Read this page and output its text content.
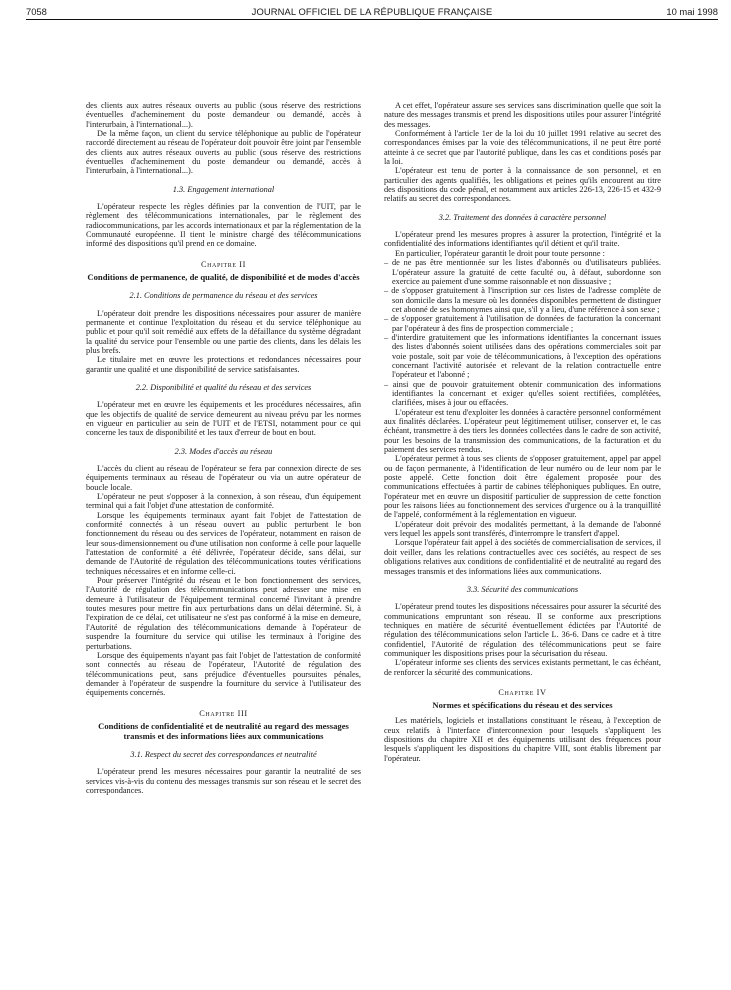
7058	JOURNAL OFFICIEL DE LA RÉPUBLIQUE FRANÇAISE	10 mai 1998

des clients aux autres réseaux ouverts au public (sous réserve des restrictions éventuelles d'acheminement du poste demandeur ou demandé, accès à l'interurbain, à l'international...).

De la même façon, un client du service téléphonique au public de l'opérateur raccordé directement au réseau de l'opérateur doit pouvoir être joint par l'ensemble des clients aux autres réseaux ouverts au public (sous réserve des restrictions éventuelles d'acheminement du poste demandeur ou demandé, accès à l'interurbain, à l'international...).

1.3. Engagement international

L'opérateur respecte les règles définies par la convention de l'UIT, par le règlement des télécommunications internationales, par le règlement des radiocommunications, par les accords internationaux et par la réglementation de la Communauté européenne. Il tient le ministre chargé des télécommunications informé des dispositions qu'il prend en ce domaine.

Chapitre II
Conditions de permanence, de qualité, de disponibilité et de modes d'accès
2.1. Conditions de permanence du réseau et des services

L'opérateur doit prendre les dispositions nécessaires pour assurer de manière permanente et continue l'exploitation du réseau et du service téléphonique au public et pour qu'il soit remédié aux effets de la défaillance du système dégradant la qualité du service pour l'ensemble ou une partie des clients, dans les délais les plus brefs.

Le titulaire met en œuvre les protections et redondances nécessaires pour garantir une qualité et une disponibilité de service satisfaisantes.

2.2. Disponibilité et qualité du réseau et des services

L'opérateur met en œuvre les équipements et les procédures nécessaires, afin que les objectifs de qualité de service demeurent au niveau prévu par les normes en vigueur en particulier au sein de l'UIT et de l'ETSI, notamment pour ce qui concerne les taux de disponibilité et les taux d'erreur de bout en bout.

2.3. Modes d'accès au réseau

L'accès du client au réseau de l'opérateur se fera par connexion directe de ses équipements terminaux au réseau de l'opérateur ou via un autre opérateur de boucle locale.

L'opérateur ne peut s'opposer à la connexion, à son réseau, d'un équipement terminal qui a fait l'objet d'une attestation de conformité.

Lorsque les équipements terminaux ayant fait l'objet de l'attestation de conformité connectés à un réseau ouvert au public perturbent le bon fonctionnement du réseau ou des services de l'opérateur, notamment en raison de leur sous-dimensionnement ou d'une utilisation non conforme à celle pour laquelle l'attestation de conformité a été délivrée, l'opérateur décide, sans délai, sur demande de l'Autorité de régulation des télécommunications toutes vérifications techniques nécessaires et en informe celle-ci.

Pour préserver l'intégrité du réseau et le bon fonctionnement des services, l'Autorité de régulation des télécommunications peut adresser une mise en demeure à l'utilisateur de l'équipement terminal concerné l'invitant à prendre toutes mesures pour mettre fin aux perturbations dans un délai déterminé. Si, à l'expiration de ce délai, cet utilisateur ne s'est pas conformé à la mise en demeure, l'Autorité de régulation des télécommunications demande à l'opérateur de suspendre la fourniture du service qui utilise les terminaux à l'origine des perturbations.

Lorsque des équipements n'ayant pas fait l'objet de l'attestation de conformité sont connectés au réseau de l'opérateur, l'Autorité de régulation des télécommunications peut, sans préjudice d'éventuelles poursuites pénales, demander à l'opérateur de suspendre la fourniture du service à l'utilisateur des équipements concernés.

Chapitre III
Conditions de confidentialité et de neutralité au regard des messages transmis et des informations liées aux communications
3.1. Respect du secret des correspondances et neutralité

L'opérateur prend les mesures nécessaires pour garantir la neutralité de ses services vis-à-vis du contenu des messages transmis sur son réseau et le secret des correspondances.

A cet effet, l'opérateur assure ses services sans discrimination quelle que soit la nature des messages transmis et prend les dispositions utiles pour assurer l'intégrité des messages.

Conformément à l'article 1er de la loi du 10 juillet 1991 relative au secret des correspondances émises par la voie des télécommunications, il ne peut être porté atteinte à ce secret que par l'autorité publique, dans les cas et conditions posés par la loi.

L'opérateur est tenu de porter à la connaissance de son personnel, et en particulier des agents qualifiés, les obligations et peines qu'ils encourent au titre des dispositions du code pénal, et notamment aux articles 226-13, 226-15 et 432-9 relatifs au secret des correspondances.

3.2. Traitement des données à caractère personnel

L'opérateur prend les mesures propres à assurer la protection, l'intégrité et la confidentialité des informations identifiantes qu'il détient et qu'il traite.

En particulier, l'opérateur garantit le droit pour toute personne :

– de ne pas être mentionnée sur les listes d'abonnés ou d'utilisateurs publiées. L'opérateur assure la gratuité de cette faculté ou, à défaut, subordonne son exercice au paiement d'une somme raisonnable et non dissuasive ;

– de s'opposer gratuitement à l'inscription sur ces listes de l'adresse complète de son domicile dans la mesure où les données disponibles permettent de distinguer cet abonné de ses homonymes ainsi que, s'il y a lieu, d'une référence à son sexe ;

– de s'opposer gratuitement à l'utilisation de données de facturation la concernant par l'opérateur à des fins de prospection commerciale ;

– d'interdire gratuitement que les informations identifiantes la concernant issues des listes d'abonnés soient utilisées dans des opérations commerciales soit par voie postale, soit par voie de télécommunications, à l'exception des opérations concernant l'activité autorisée et relevant de la relation contractuelle entre l'opérateur et l'abonné ;

– ainsi que de pouvoir gratuitement obtenir communication des informations identifiantes la concernant et exiger qu'elles soient rectifiées, complétées, clarifiées, mises à jour ou effacées.

L'opérateur est tenu d'exploiter les données à caractère personnel conformément aux finalités déclarées. L'opérateur peut légitimement utiliser, conserver et, le cas échéant, transmettre à des tiers les données collectées dans le cadre de son activité, pour les besoins de la transmission des communications, de la facturation et du paiement des services rendus.

L'opérateur permet à tous ses clients de s'opposer gratuitement, appel par appel ou de façon permanente, à l'identification de leur numéro ou de leur nom par le poste appelé. Cette fonction doit être également proposée pour des communications effectuées à partir de cabines téléphoniques publiques. En outre, l'opérateur met en œuvre un dispositif particulier de suppression de cette fonction pour les raisons liées au fonctionnement des services d'urgence ou à la tranquillité de l'appelé, conformément à la réglementation en vigueur.

L'opérateur doit prévoir des modalités permettant, à la demande de l'abonné vers lequel les appels sont transférés, d'interrompre le transfert d'appel.

Lorsque l'opérateur fait appel à des sociétés de commercialisation de services, il doit veiller, dans les relations contractuelles avec ces sociétés, au respect de ses obligations relatives aux conditions de confidentialité et de neutralité au regard des messages transmis et des informations liées aux communications.

3.3. Sécurité des communications

L'opérateur prend toutes les dispositions nécessaires pour assurer la sécurité des communications empruntant son réseau. Il se conforme aux prescriptions techniques en matière de sécurité éventuellement édictées par l'Autorité de régulation des télécommunications selon l'article L. 36-6. Dans ce cadre et à titre confidentiel, l'Autorité de régulation des télécommunications peut se faire communiquer les dispositions prises pour la sécurisation du réseau.

L'opérateur informe ses clients des services existants permettant, le cas échéant, de renforcer la sécurité des communications.

Chapitre IV
Normes et spécifications du réseau et des services

Les matériels, logiciels et installations constituant le réseau, à l'exception de ceux relatifs à l'interface d'interconnexion pour lesquels s'appliquent les dispositions du chapitre XII et des équipements utilisant des fréquences pour lesquels s'appliquent les dispositions du chapitre VIII, sont établis librement par l'opérateur.
